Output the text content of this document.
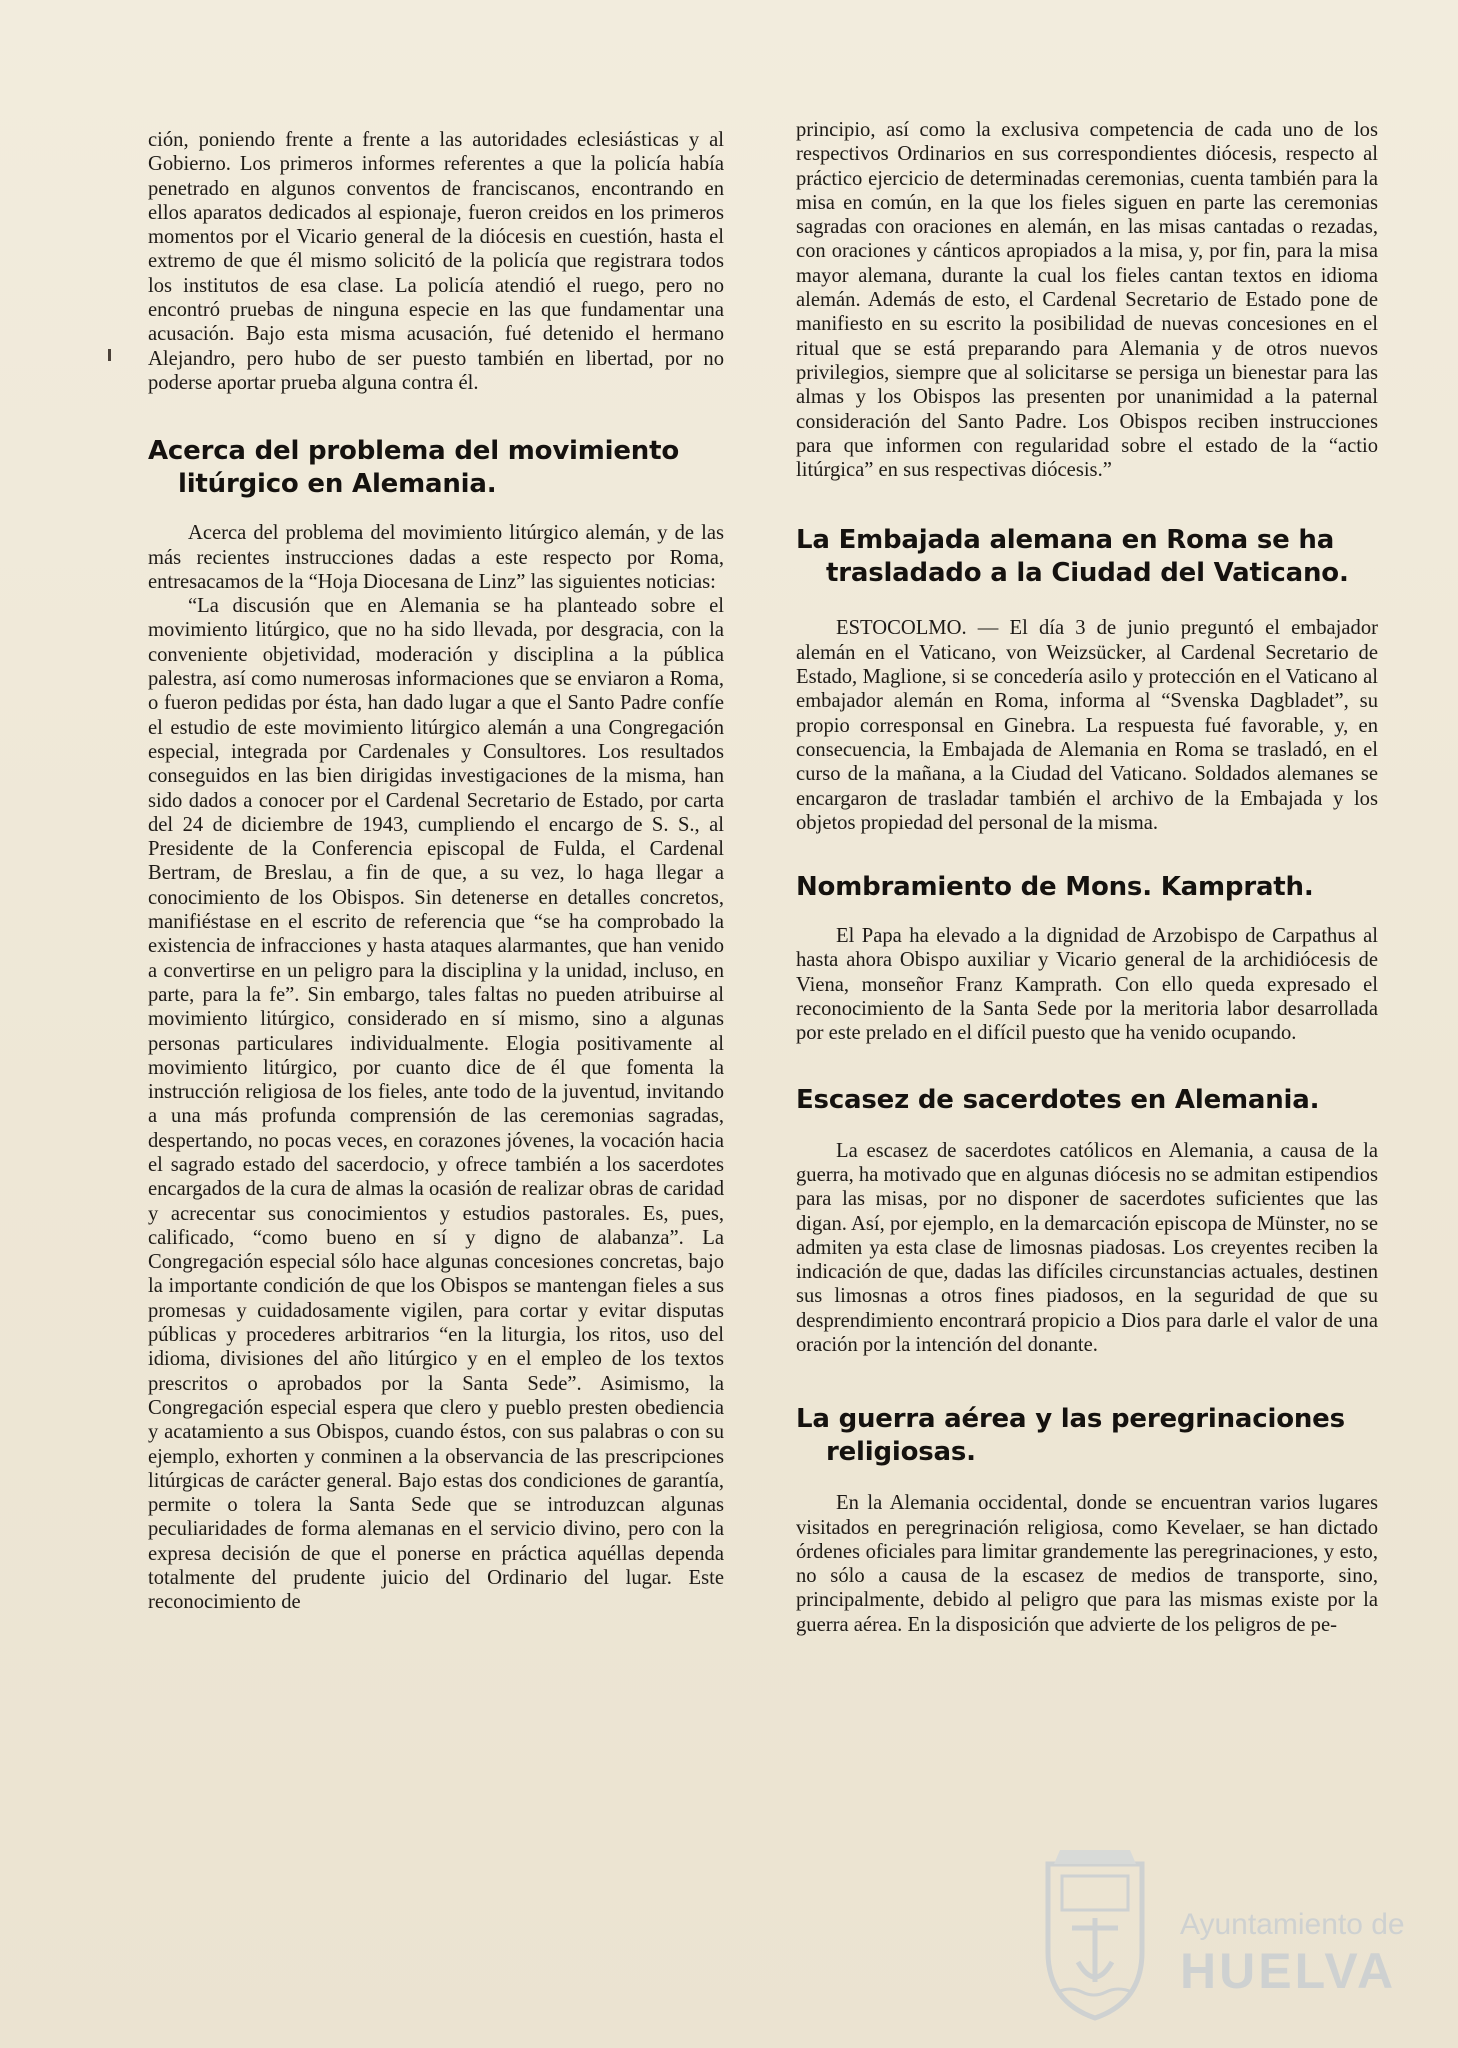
ción, poniendo frente a frente a las autoridades eclesiásticas y al Gobierno. Los primeros informes referentes a que la policía había penetrado en algunos conventos de franciscanos, encontrando en ellos aparatos dedicados al espionaje, fueron creidos en los primeros momentos por el Vicario general de la diócesis en cuestión, hasta el extremo de que él mismo solicitó de la policía que registrara todos los institutos de esa clase. La policía atendió el ruego, pero no encontró pruebas de ninguna especie en las que fundamentar una acusación. Bajo esta misma acusación, fué detenido el hermano Alejandro, pero hubo de ser puesto también en libertad, por no poderse aportar prueba alguna contra él.

Acerca del problema del movimiento litúrgico en Alemania.

Acerca del problema del movimiento litúrgico alemán, y de las más recientes instrucciones dadas a este respecto por Roma, entresacamos de la “Hoja Diocesana de Linz” las siguientes noticias:

“La discusión que en Alemania se ha planteado sobre el movimiento litúrgico, que no ha sido llevada, por desgracia, con la conveniente objetividad, moderación y disciplina a la pública palestra, así como numerosas informaciones que se enviaron a Roma, o fueron pedidas por ésta, han dado lugar a que el Santo Padre confíe el estudio de este movimiento litúrgico alemán a una Congregación especial, integrada por Cardenales y Consultores. Los resultados conseguidos en las bien dirigidas investigaciones de la misma, han sido dados a conocer por el Cardenal Secretario de Estado, por carta del 24 de diciembre de 1943, cumpliendo el encargo de S. S., al Presidente de la Conferencia episcopal de Fulda, el Cardenal Bertram, de Breslau, a fin de que, a su vez, lo haga llegar a conocimiento de los Obispos. Sin detenerse en detalles concretos, manifiéstase en el escrito de referencia que “se ha comprobado la existencia de infracciones y hasta ataques alarmantes, que han venido a convertirse en un peligro para la disciplina y la unidad, incluso, en parte, para la fe”. Sin embargo, tales faltas no pueden atribuirse al movimiento litúrgico, considerado en sí mismo, sino a algunas personas particulares individualmente. Elogia positivamente al movimiento litúrgico, por cuanto dice de él que fomenta la instrucción religiosa de los fieles, ante todo de la juventud, invitando a una más profunda comprensión de las ceremonias sagradas, despertando, no pocas veces, en corazones jóvenes, la vocación hacia el sagrado estado del sacerdocio, y ofrece también a los sacerdotes encargados de la cura de almas la ocasión de realizar obras de caridad y acrecentar sus conocimientos y estudios pastorales. Es, pues, calificado, “como bueno en sí y digno de alabanza”. La Congregación especial sólo hace algunas concesiones concretas, bajo la importante condición de que los Obispos se mantengan fieles a sus promesas y cuidadosamente vigilen, para cortar y evitar disputas públicas y procederes arbitrarios “en la liturgia, los ritos, uso del idioma, divisiones del año litúrgico y en el empleo de los textos prescritos o aprobados por la Santa Sede”. Asimismo, la Congregación especial espera que clero y pueblo presten obediencia y acatamiento a sus Obispos, cuando éstos, con sus palabras o con su ejemplo, exhorten y conminen a la observancia de las prescripciones litúrgicas de carácter general. Bajo estas dos condiciones de garantía, permite o tolera la Santa Sede que se introduzcan algunas peculiaridades de forma alemanas en el servicio divino, pero con la expresa decisión de que el ponerse en práctica aquéllas dependa totalmente del prudente juicio del Ordinario del lugar. Este reconocimiento de

principio, así como la exclusiva competencia de cada uno de los respectivos Ordinarios en sus correspondientes diócesis, respecto al práctico ejercicio de determinadas ceremonias, cuenta también para la misa en común, en la que los fieles siguen en parte las ceremonias sagradas con oraciones en alemán, en las misas cantadas o rezadas, con oraciones y cánticos apropiados a la misa, y, por fin, para la misa mayor alemana, durante la cual los fieles cantan textos en idioma alemán. Además de esto, el Cardenal Secretario de Estado pone de manifiesto en su escrito la posibilidad de nuevas concesiones en el ritual que se está preparando para Alemania y de otros nuevos privilegios, siempre que al solicitarse se persiga un bienestar para las almas y los Obispos las presenten por unanimidad a la paternal consideración del Santo Padre. Los Obispos reciben instrucciones para que informen con regularidad sobre el estado de la “actio litúrgica” en sus respectivas diócesis.”

La Embajada alemana en Roma se ha trasladado a la Ciudad del Vaticano.

ESTOCOLMO. — El día 3 de junio preguntó el embajador alemán en el Vaticano, von Weizsücker, al Cardenal Secretario de Estado, Maglione, si se concedería asilo y protección en el Vaticano al embajador alemán en Roma, informa al “Svenska Dagbladet”, su propio corresponsal en Ginebra. La respuesta fué favorable, y, en consecuencia, la Embajada de Alemania en Roma se trasladó, en el curso de la mañana, a la Ciudad del Vaticano. Soldados alemanes se encargaron de trasladar también el archivo de la Embajada y los objetos propiedad del personal de la misma.

Nombramiento de Mons. Kamprath.

El Papa ha elevado a la dignidad de Arzobispo de Carpathus al hasta ahora Obispo auxiliar y Vicario general de la archidiócesis de Viena, monseñor Franz Kamprath. Con ello queda expresado el reconocimiento de la Santa Sede por la meritoria labor desarrollada por este prelado en el difícil puesto que ha venido ocupando.

Escasez de sacerdotes en Alemania.

La escasez de sacerdotes católicos en Alemania, a causa de la guerra, ha motivado que en algunas diócesis no se admitan estipendios para las misas, por no disponer de sacerdotes suficientes que las digan. Así, por ejemplo, en la demarcación episcopa de Münster, no se admiten ya esta clase de limosnas piadosas. Los creyentes reciben la indicación de que, dadas las difíciles circunstancias actuales, destinen sus limosnas a otros fines piadosos, en la seguridad de que su desprendimiento encontrará propicio a Dios para darle el valor de una oración por la intención del donante.

La guerra aérea y las peregrinaciones religiosas.

En la Alemania occidental, donde se encuentran varios lugares visitados en peregrinación religiosa, como Kevelaer, se han dictado órdenes oficiales para limitar grandemente las peregrinaciones, y esto, no sólo a causa de la escasez de medios de transporte, sino, principalmente, debido al peligro que para las mismas existe por la guerra aérea. En la disposición que advierte de los peligros de pe-

Ayuntamiento de
HUELVA
